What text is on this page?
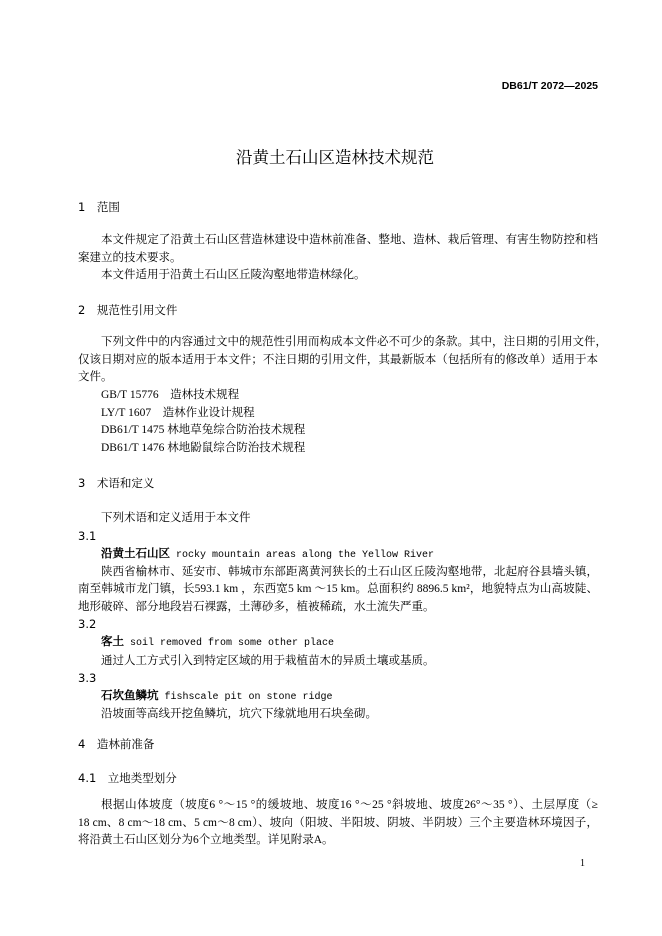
DB61/T 2072—2025
沿黄土石山区造林技术规范
1 范围
本文件规定了沿黄土石山区营造林建设中造林前准备、整地、造林、栽后管理、有害生物防控和档
案建立的技术要求。
本文件适用于沿黄土石山区丘陵沟壑地带造林绿化。
2 规范性引用文件
下列文件中的内容通过文中的规范性引用而构成本文件必不可少的条款。其中，注日期的引用文件，
仅该日期对应的版本适用于本文件；不注日期的引用文件，其最新版本（包括所有的修改单）适用于本
文件。
GB/T 15776　造林技术规程
LY/T 1607　造林作业设计规程
DB61/T 1475 林地草兔综合防治技术规程
DB61/T 1476 林地鼢鼠综合防治技术规程
3 术语和定义
下列术语和定义适用于本文件
3.1
沿黄土石山区 rocky mountain areas along the Yellow River
陕西省榆林市、延安市、韩城市东部距离黄河狭长的土石山区丘陵沟壑地带，北起府谷县墙头镇，
南至韩城市龙门镇，长593.1 km ，东西宽5 km ～15 km。总面积约 8896.5 km²，地貌特点为山高坡陡、
地形破碎、部分地段岩石裸露，土薄砂多，植被稀疏，水土流失严重。
3.2
客土 soil removed from some other place
通过人工方式引入到特定区域的用于栽植苗木的异质土壤或基质。
3.3
石坎鱼鳞坑 fishscale pit on stone ridge
沿坡面等高线开挖鱼鳞坑，坑穴下缘就地用石块垒砌。
4 造林前准备
4.1 立地类型划分
根据山体坡度（坡度6 °～15 °的缓坡地、坡度16 °～25 °斜坡地、坡度26°～35 °）、土层厚度（≥
18 cm、8 cm～18 cm、5 cm～8 cm）、坡向（阳坡、半阳坡、阴坡、半阴坡）三个主要造林环境因子，
将沿黄土石山区划分为6个立地类型。详见附录A。
1
